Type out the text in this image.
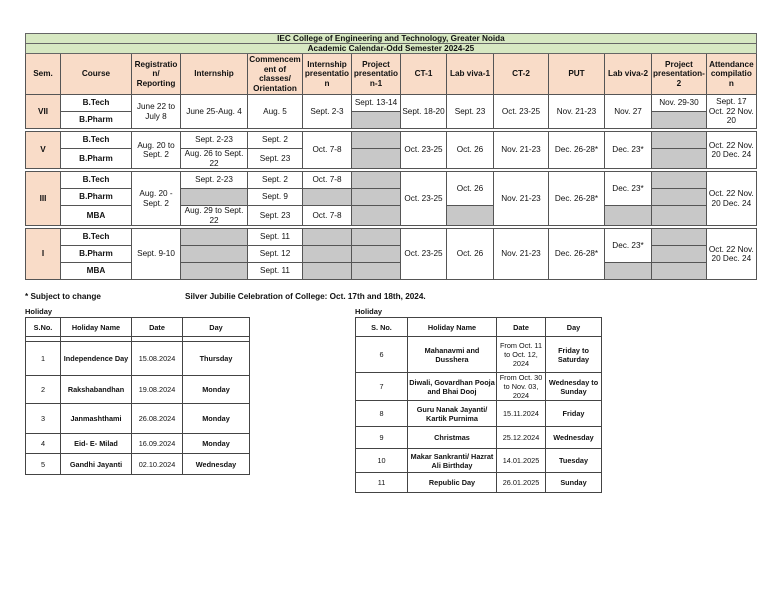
IEC College of Engineering and Technology, Greater Noida													
Academic Calendar-Odd Semester 2024-25													
Sem.	Course	Registratio n/ Reporting	Internship	Commencem ent of classes/ Orientation	Internship presentatio n	Project presentatio n-1	CT-1	Lab viva-1	CT-2	PUT	Lab viva-2	Project presentation- 2	Attendance compilatio n
VII	B.Tech	June 22 to July 8	June 25-Aug. 4	Aug. 5	Sept. 2-3	Sept. 13-14	Sept. 18-20	Sept. 23	Oct. 23-25	Nov. 21-23	Nov. 27	Nov. 29-30	Sept. 17 Oct. 22 Nov. 20
	B.Pharm												

V	B.Tech	Aug. 20 to Sept. 2	Sept. 2-23	Sept. 2	Oct. 7-8		Oct. 23-25	Oct. 26	Nov. 21-23	Dec. 26-28*	Dec. 23*		Oct. 22 Nov. 20 Dec. 24
	B.Pharm		Aug. 26 to Sept. 22	Sept. 23									

III	B.Tech	Aug. 20 - Sept. 2	Sept. 2-23	Sept. 2	Oct. 7-8		Oct. 23-25	Oct. 26	Nov. 21-23	Dec. 26-28*	Dec. 23*		Oct. 22 Nov. 20 Dec. 24
	B.Pharm			Sept. 9									
	MBA		Aug. 29 to Sept. 22	Sept. 23	Oct. 7-8								

I	B.Tech	Sept. 9-10		Sept. 11			Oct. 23-25	Oct. 26	Nov. 21-23	Dec. 26-28*	Dec. 23*		Oct. 22 Nov. 20 Dec. 24
	B.Pharm			Sept. 12									
	MBA			Sept. 11									
* Subject to change	Silver Jubilie Celebration of College: Oct. 17th and 18th, 2024.
Holiday	Holiday
S.No.	Holiday Name	Date	Day

1	Independence Day	15.08.2024	Thursday
2	Rakshabandhan	19.08.2024	Monday
3	Janmashthami	26.08.2024	Monday
4	Eid- E- Milad	16.09.2024	Monday
5	Gandhi Jayanti	02.10.2024	Wednesday
S. No.	Holiday Name	Date	Day
6	Mahanavmi and Dusshera	From Oct. 11 to Oct. 12, 2024	Friday to Saturday
7	Diwali, Govardhan Pooja and Bhai Dooj	From Oct. 30 to Nov. 03, 2024	Wednesday to Sunday
8	Guru Nanak Jayanti/ Kartik Purnima	15.11.2024	Friday
9	Christmas	25.12.2024	Wednesday
10	Makar Sankranti/ Hazrat Ali Birthday	14.01.2025	Tuesday
11	Republic Day	26.01.2025	Sunday
